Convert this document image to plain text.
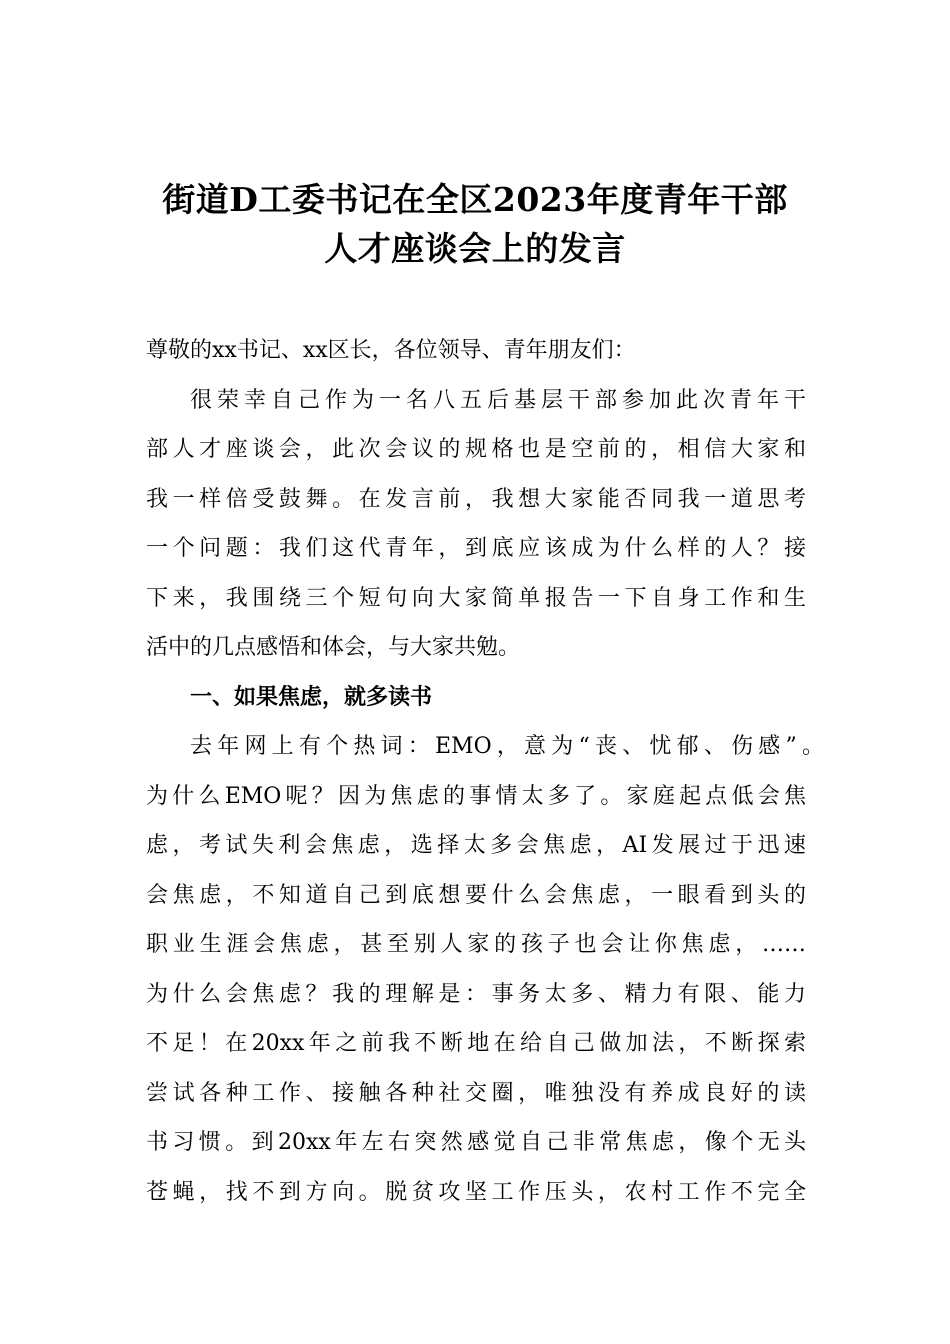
街道D工委书记在全区2023年度青年干部
人才座谈会上的发言
尊敬的xx书记、xx区长，各位领导、青年朋友们：
很荣幸自己作为一名八五后基层干部参加此次青年干
部人才座谈会，此次会议的规格也是空前的，相信大家和
我一样倍受鼓舞。在发言前，我想大家能否同我一道思考
一个问题：我们这代青年，到底应该成为什么样的人？接
下来，我围绕三个短句向大家简单报告一下自身工作和生
活中的几点感悟和体会，与大家共勉。
一、如果焦虑，就多读书
去年网上有个热词：EMO，意为“丧、忧郁、伤感”。
为什么EMO呢？因为焦虑的事情太多了。家庭起点低会焦
虑，考试失利会焦虑，选择太多会焦虑，AI发展过于迅速
会焦虑，不知道自己到底想要什么会焦虑，一眼看到头的
职业生涯会焦虑，甚至别人家的孩子也会让你焦虑，……
为什么会焦虑？我的理解是：事务太多、精力有限、能力
不足！在20xx年之前我不断地在给自己做加法，不断探索
尝试各种工作、接触各种社交圈，唯独没有养成良好的读
书习惯。到20xx年左右突然感觉自己非常焦虑，像个无头
苍蝇，找不到方向。脱贫攻坚工作压头，农村工作不完全
